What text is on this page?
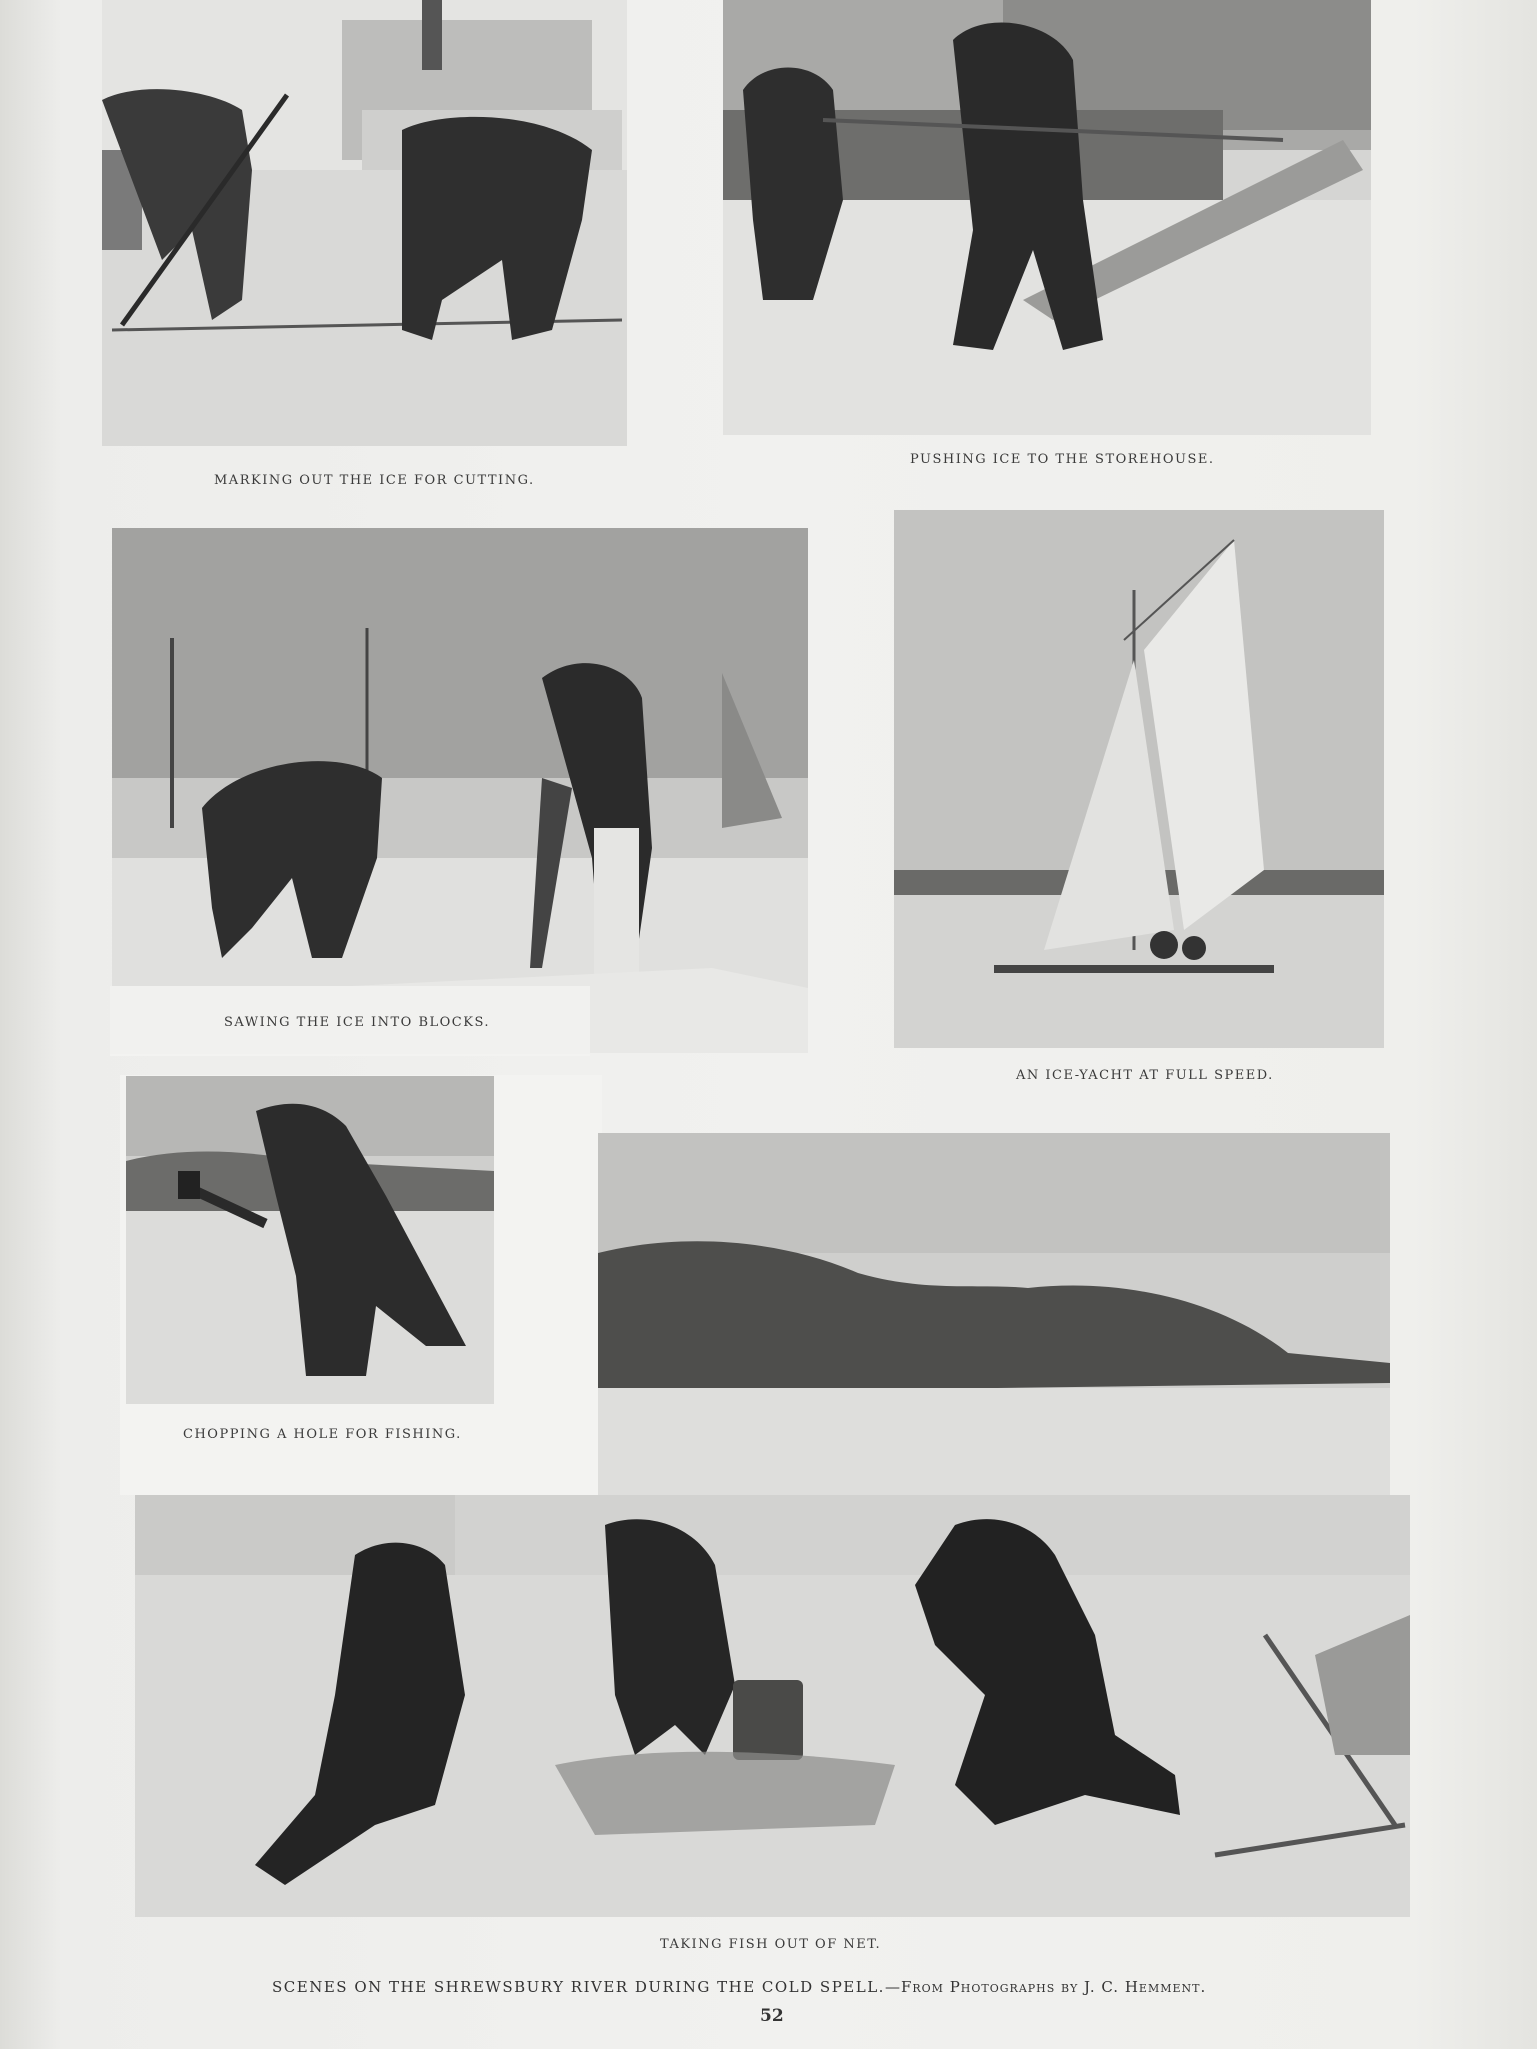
MARKING OUT THE ICE FOR CUTTING.
PUSHING ICE TO THE STOREHOUSE.
SAWING THE ICE INTO BLOCKS.
AN ICE-YACHT AT FULL SPEED.
CHOPPING A HOLE FOR FISHING.
TAKING FISH OUT OF NET.
SCENES ON THE SHREWSBURY RIVER DURING THE COLD SPELL.—From Photographs by J. C. Hemment.
52
